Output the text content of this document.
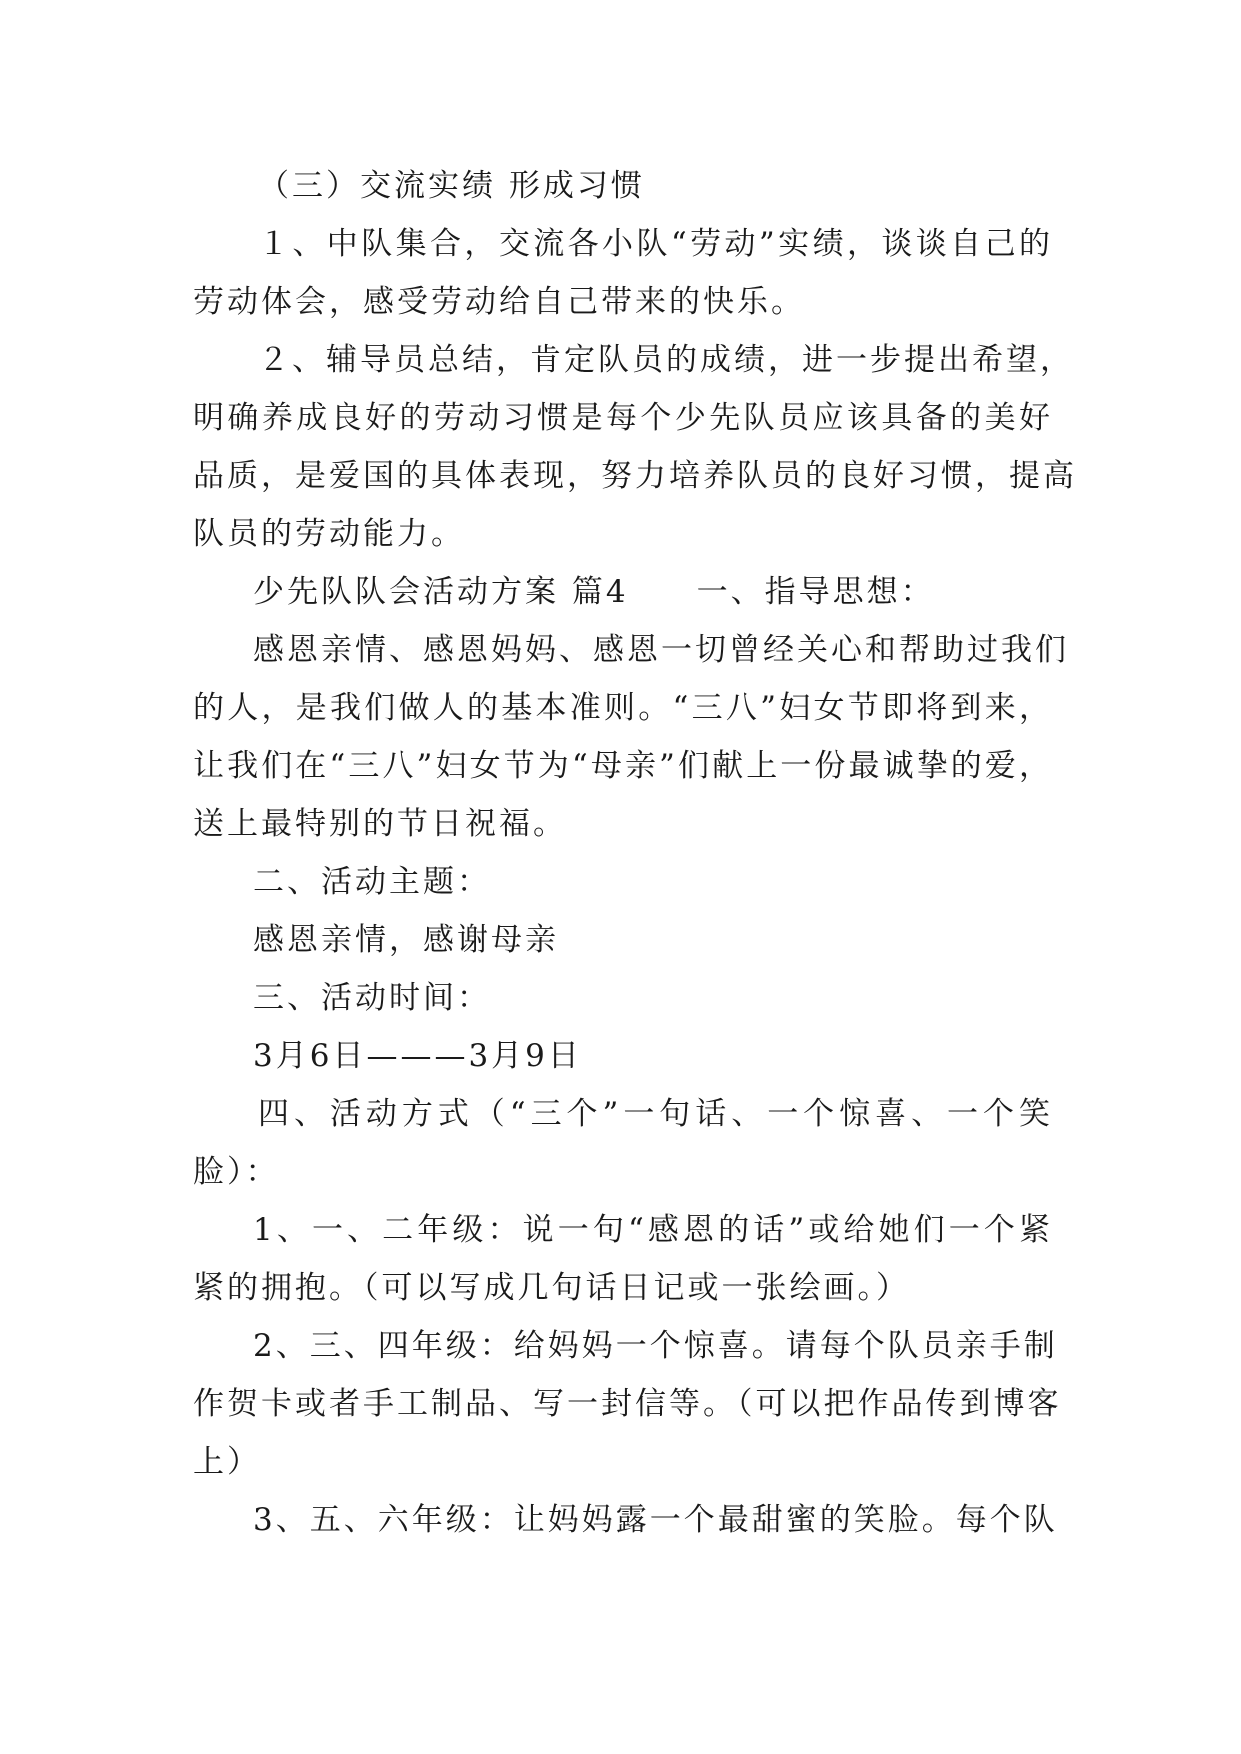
（三）交流实绩 形成习惯
１、中队集合，交流各小队“劳动”实绩，谈谈自己的
劳动体会，感受劳动给自己带来的快乐。
２、辅导员总结，肯定队员的成绩，进一步提出希望，
明确养成良好的劳动习惯是每个少先队员应该具备的美好
品质，是爱国的具体表现，努力培养队员的良好习惯，提高
队员的劳动能力。
少先队队会活动方案 篇4　　一、指导思想：
感恩亲情、感恩妈妈、感恩一切曾经关心和帮助过我们
的人，是我们做人的基本准则。“三八”妇女节即将到来，
让我们在“三八”妇女节为“母亲”们献上一份最诚挚的爱，
送上最特别的节日祝福。
二、活动主题：
感恩亲情，感谢母亲
三、活动时间：
3月6日———3月9日
四、活动方式（“三个”一句话、一个惊喜、一个笑
脸）：
1、一、二年级：说一句“感恩的话”或给她们一个紧
紧的拥抱。（可以写成几句话日记或一张绘画。）
2、三、四年级：给妈妈一个惊喜。请每个队员亲手制
作贺卡或者手工制品、写一封信等。（可以把作品传到博客
上）
3、五、六年级：让妈妈露一个最甜蜜的笑脸。每个队
